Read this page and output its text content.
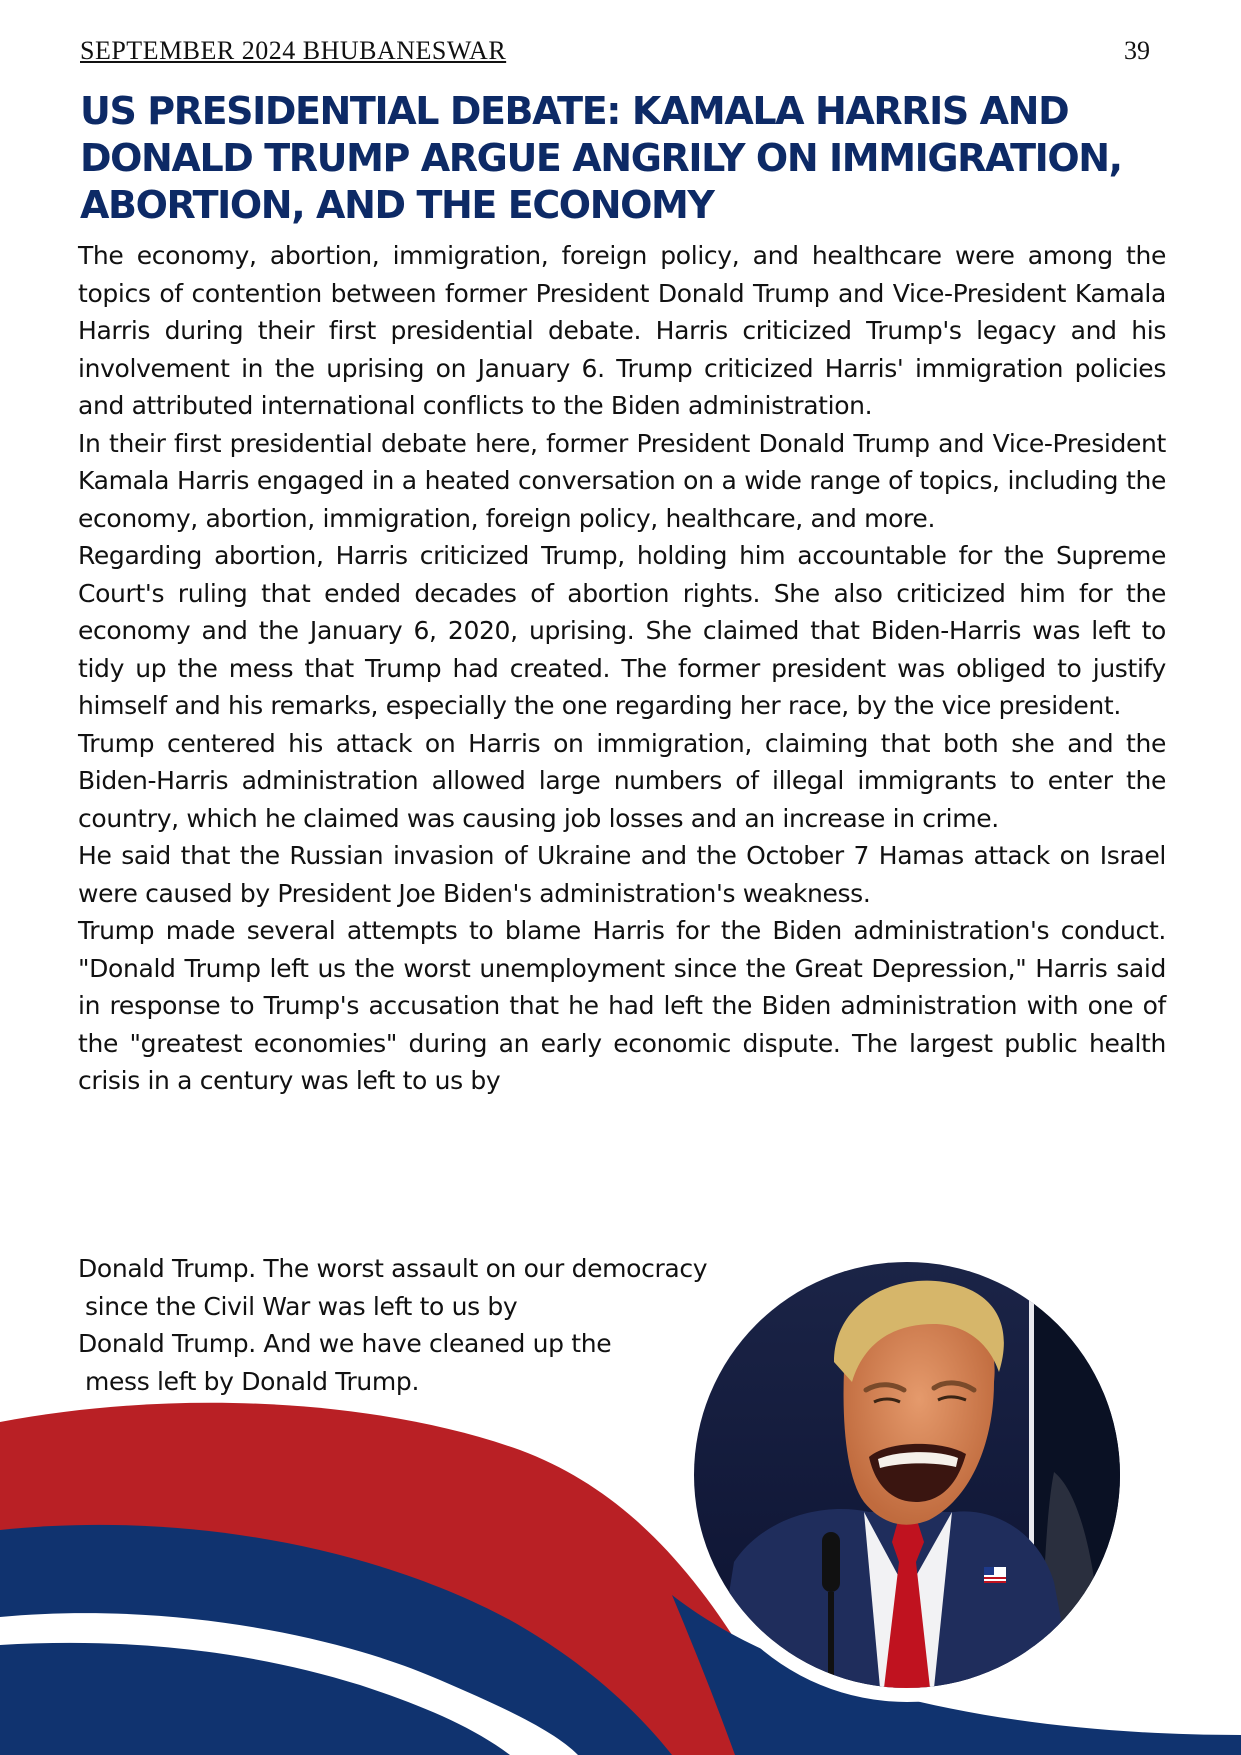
SEPTEMBER 2024 BHUBANESWAR	39
US PRESIDENTIAL DEBATE: KAMALA HARRIS AND DONALD TRUMP ARGUE ANGRILY ON IMMIGRATION, ABORTION, AND THE ECONOMY

The economy, abortion, immigration, foreign policy, and healthcare were among the topics of contention between former President Donald Trump and Vice-President Kamala Harris during their first presidential debate. Harris criticized Trump's legacy and his involvement in the uprising on January 6. Trump criticized Harris' immigration policies and attributed international conflicts to the Biden administration.

In their first presidential debate here, former President Donald Trump and Vice-President Kamala Harris engaged in a heated conversation on a wide range of topics, including the economy, abortion, immigration, foreign policy, healthcare, and more.

Regarding abortion, Harris criticized Trump, holding him accountable for the Supreme Court's ruling that ended decades of abortion rights. She also criticized him for the economy and the January 6, 2020, uprising. She claimed that Biden-Harris was left to tidy up the mess that Trump had created. The former president was obliged to justify himself and his remarks, especially the one regarding her race, by the vice president.

Trump centered his attack on Harris on immigration, claiming that both she and the Biden-Harris administration allowed large numbers of illegal immigrants to enter the country, which he claimed was causing job losses and an increase in crime.

He said that the Russian invasion of Ukraine and the October 7 Hamas attack on Israel were caused by President Joe Biden's administration's weakness.

Trump made several attempts to blame Harris for the Biden administration's conduct. "Donald Trump left us the worst unemployment since the Great Depression," Harris said in response to Trump's accusation that he had left the Biden administration with one of the "greatest economies" during an early economic dispute. The largest public health crisis in a century was left to us by

Donald Trump. The worst assault on our democracy
since the Civil War was left to us by
Donald Trump. And we have cleaned up the
mess left by Donald Trump.
